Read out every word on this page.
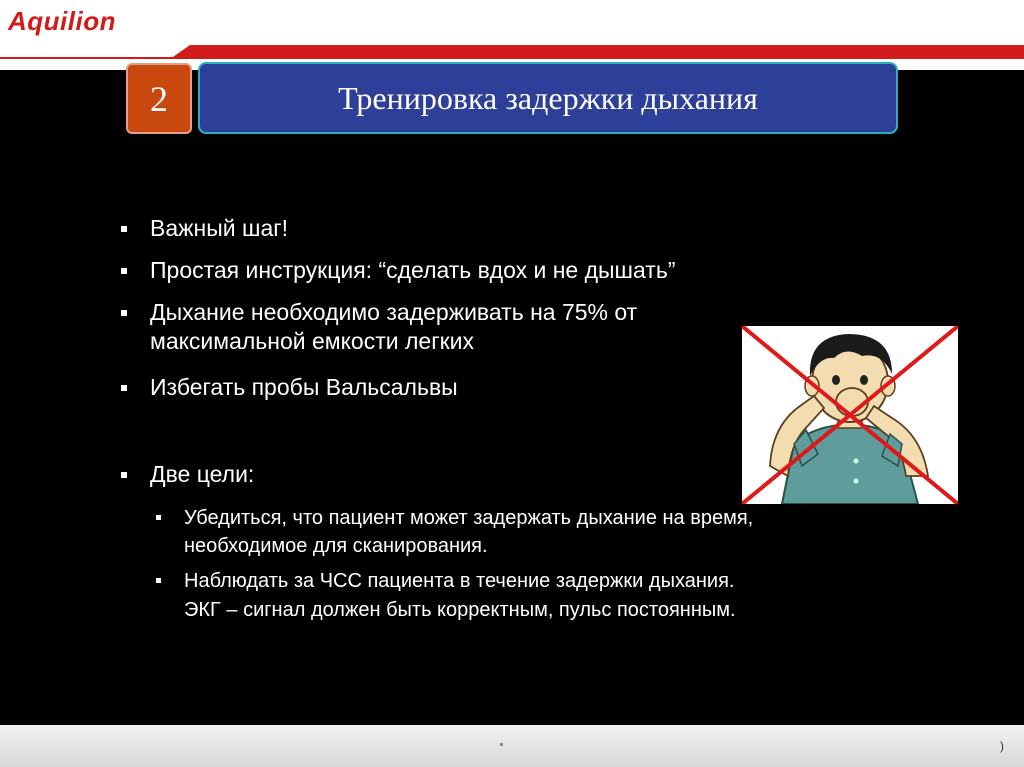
Aquilion
2	Тренировка задержки дыхания
Важный шаг!
Простая инструкция: “сделать вдох и не дышать”
Дыхание необходимо задерживать на 75% от
максимальной емкости легких
Избегать пробы Вальсальвы
Две цели:
Убедиться, что пациент может задержать дыхание на время,
необходимое для сканирования.
Наблюдать за ЧСС пациента в течение задержки дыхания.
ЭКГ – сигнал должен быть корректным, пульс постоянным.
)
